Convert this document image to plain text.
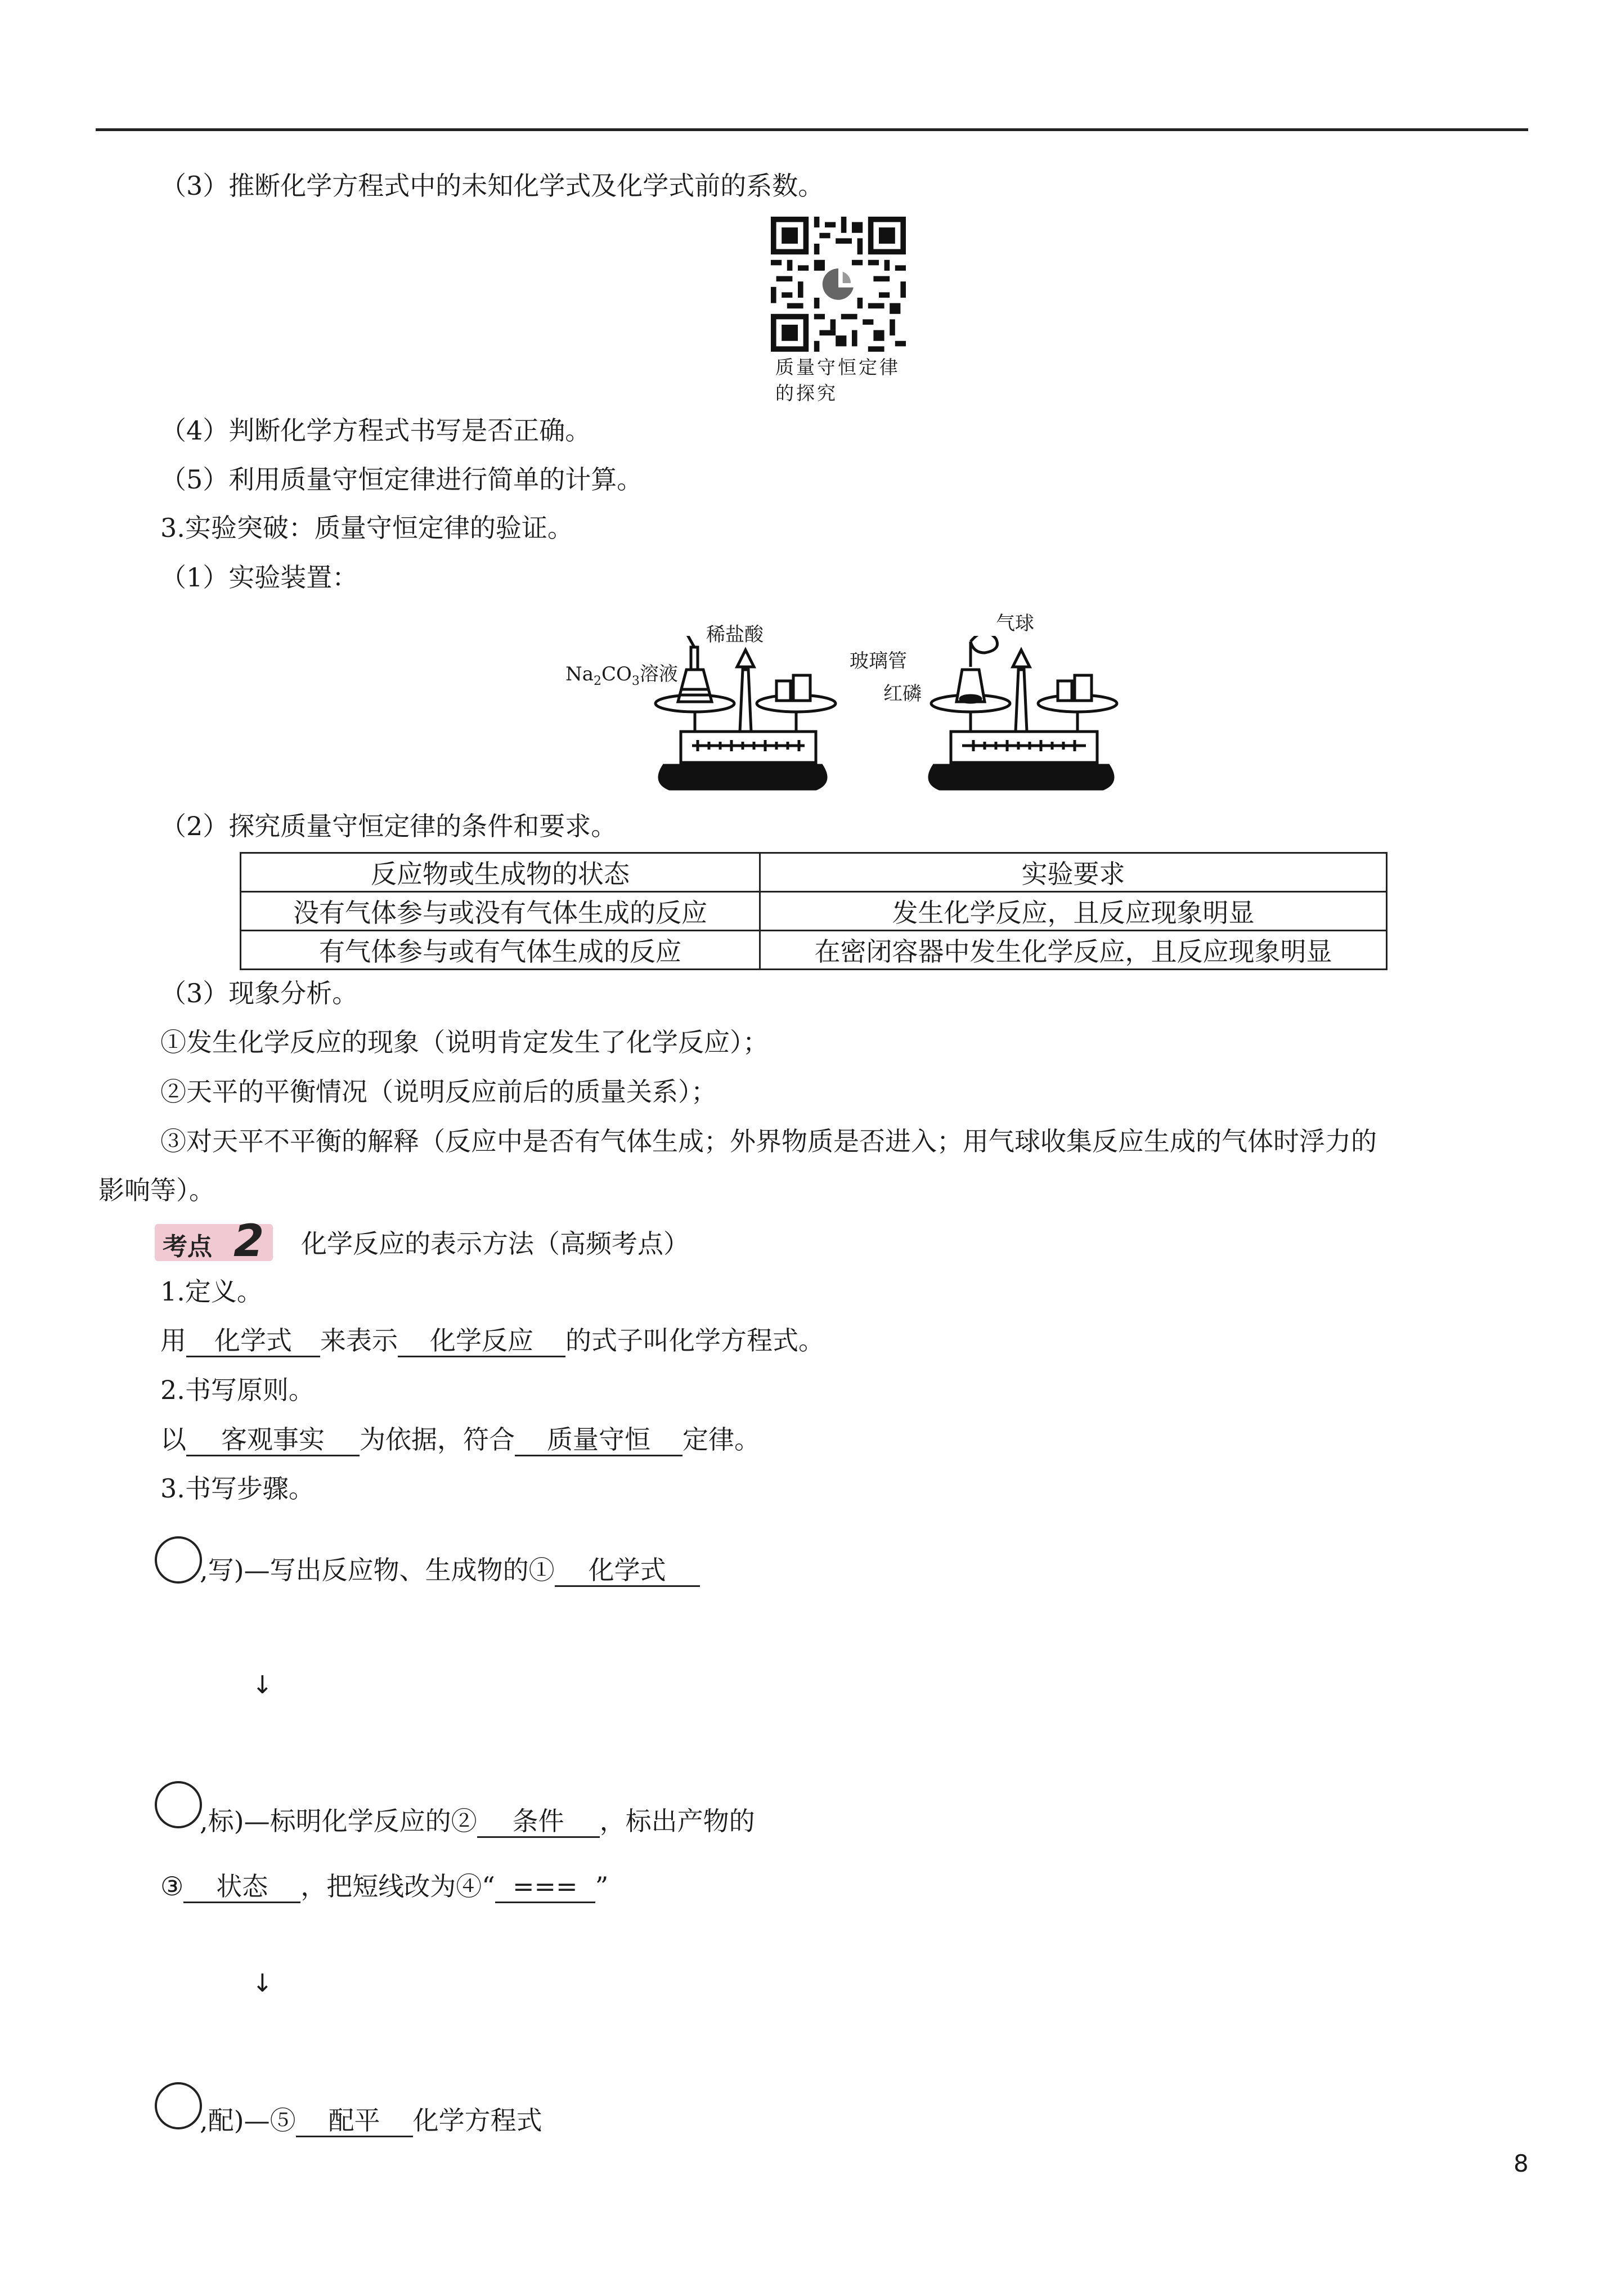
（3）推断化学方程式中的未知化学式及化学式前的系数。
质量守恒定律
的探究
（4）判断化学方程式书写是否正确。
（5）利用质量守恒定律进行简单的计算。
3.实验突破：质量守恒定律的验证。
（1）实验装置：
稀盐酸
$Na_2CO_3$溶液
气球
玻璃管
红磷
（2）探究质量守恒定律的条件和要求。
反应物或生成物的状态	实验要求
没有气体参与或没有气体生成的反应	发生化学反应，且反应现象明显
有气体参与或有气体生成的反应	在密闭容器中发生化学反应，且反应现象明显
（3）现象分析。
①发生化学反应的现象（说明肯定发生了化学反应）；
②天平的平衡情况（说明反应前后的质量关系）；
③对天平不平衡的解释（反应中是否有气体生成；外界物质是否进入；用气球收集反应生成的气体时浮力的
影响等）。
考点 2 化学反应的表示方法（高频考点）
1.定义。
用 化学式 来表示 化学反应 的式子叫化学方程式。
2.书写原则。
以 客观事实 为依据，符合 质量守恒 定律。
3.书写步骤。
,写)—写出反应物、生成物的① 化学式
↓
,标)—标明化学反应的② 条件 ，标出产物的
③ 状态 ，把短线改为④“ === ”
↓
,配)—⑤ 配平 化学方程式
8
